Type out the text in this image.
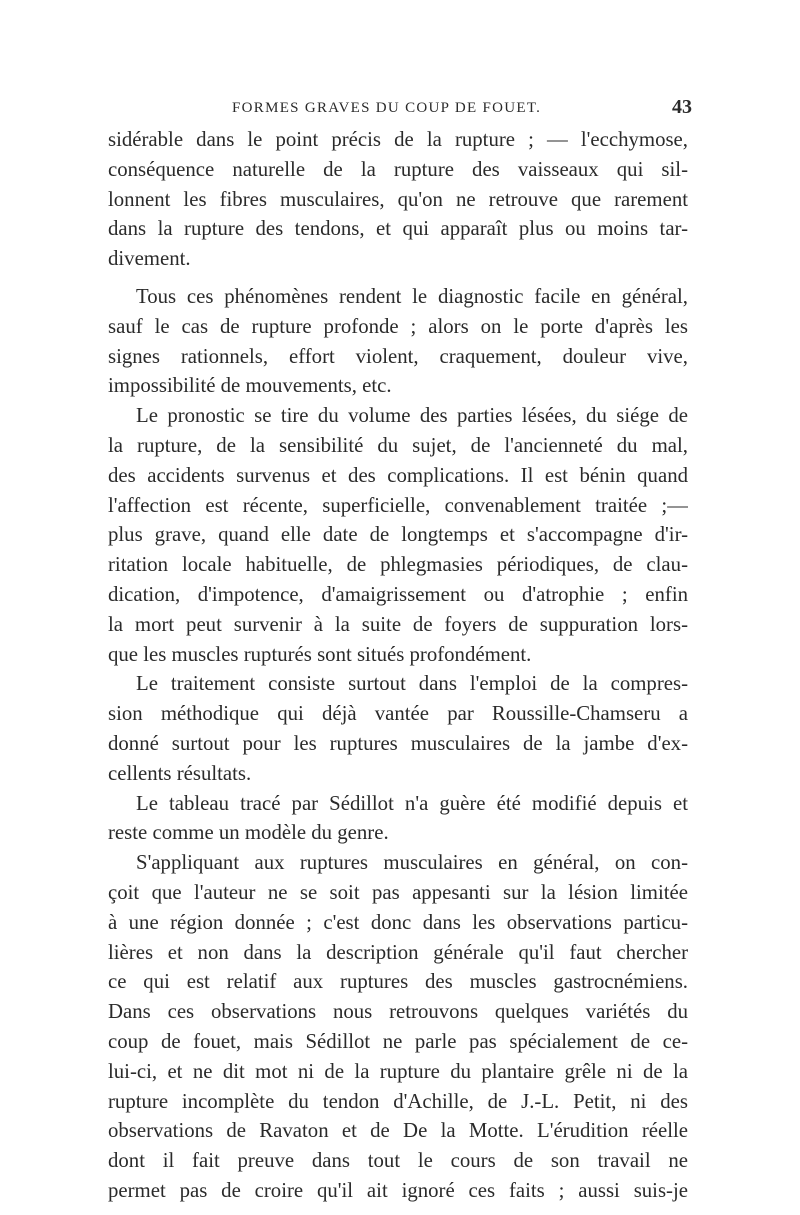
FORMES GRAVES DU COUP DE FOUET.	43
sidérable dans le point précis de la rupture ; — l'ecchymose,
conséquence naturelle de la rupture des vaisseaux qui sil-
lonnent les fibres musculaires, qu'on ne retrouve que rarement
dans la rupture des tendons, et qui apparaît plus ou moins tar-
divement.
Tous ces phénomènes rendent le diagnostic facile en général,
sauf le cas de rupture profonde ; alors on le porte d'après les
signes rationnels, effort violent, craquement, douleur vive,
impossibilité de mouvements, etc.
Le pronostic se tire du volume des parties lésées, du siége de
la rupture, de la sensibilité du sujet, de l'ancienneté du mal,
des accidents survenus et des complications. Il est bénin quand
l'affection est récente, superficielle, convenablement traitée ;—
plus grave, quand elle date de longtemps et s'accompagne d'ir-
ritation locale habituelle, de phlegmasies périodiques, de clau-
dication, d'impotence, d'amaigrissement ou d'atrophie ; enfin
la mort peut survenir à la suite de foyers de suppuration lors-
que les muscles rupturés sont situés profondément.
Le traitement consiste surtout dans l'emploi de la compres-
sion méthodique qui déjà vantée par Roussille-Chamseru a
donné surtout pour les ruptures musculaires de la jambe d'ex-
cellents résultats.
Le tableau tracé par Sédillot n'a guère été modifié depuis et
reste comme un modèle du genre.
S'appliquant aux ruptures musculaires en général, on con-
çoit que l'auteur ne se soit pas appesanti sur la lésion limitée
à une région donnée ; c'est donc dans les observations particu-
lières et non dans la description générale qu'il faut chercher
ce qui est relatif aux ruptures des muscles gastrocnémiens.
Dans ces observations nous retrouvons quelques variétés du
coup de fouet, mais Sédillot ne parle pas spécialement de ce-
lui-ci, et ne dit mot ni de la rupture du plantaire grêle ni de la
rupture incomplète du tendon d'Achille, de J.-L. Petit, ni des
observations de Ravaton et de De la Motte. L'érudition réelle
dont il fait preuve dans tout le cours de son travail ne
permet pas de croire qu'il ait ignoré ces faits ; aussi suis-je
